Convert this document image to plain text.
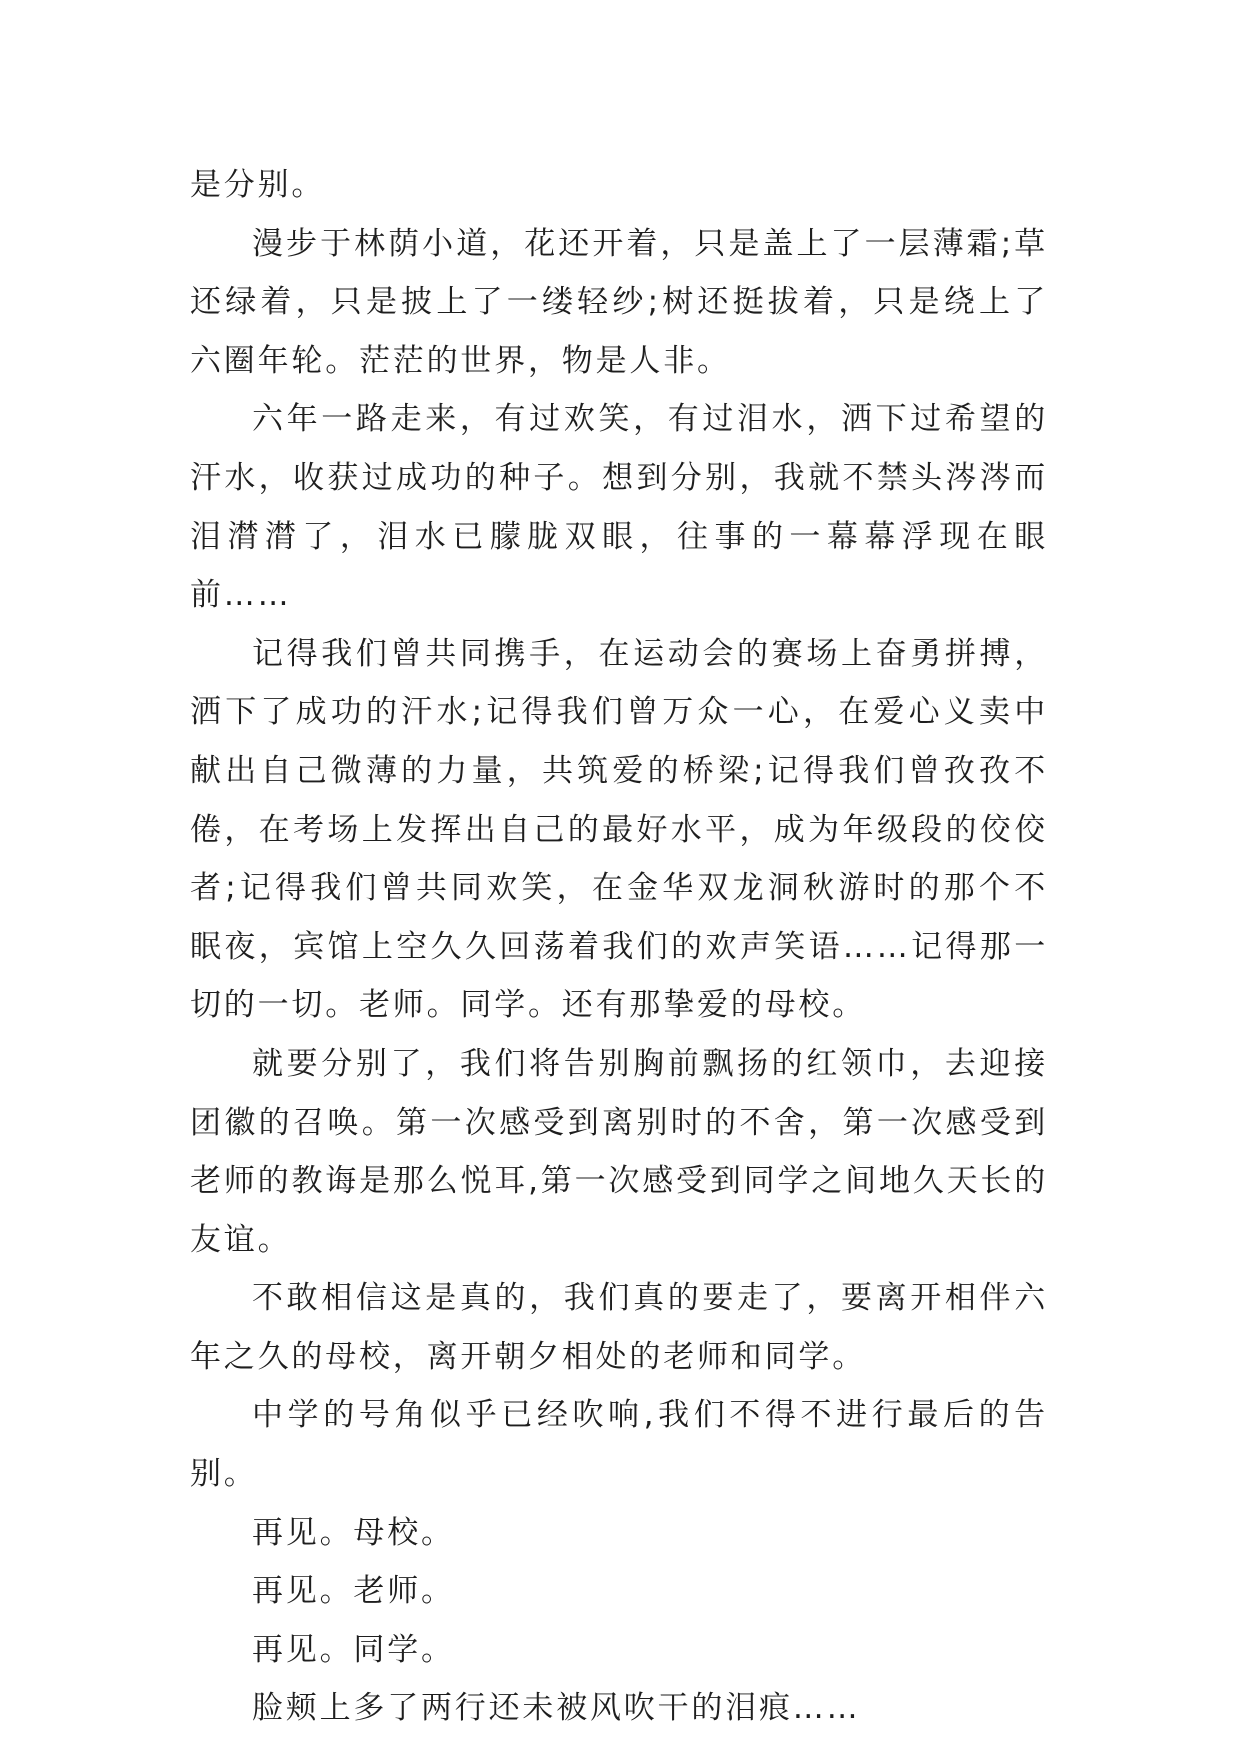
是分别。

漫步于林荫小道，花还开着，只是盖上了一层薄霜;草还绿着，只是披上了一缕轻纱;树还挺拔着，只是绕上了六圈年轮。茫茫的世界，物是人非。

六年一路走来，有过欢笑，有过泪水，洒下过希望的汗水，收获过成功的种子。想到分别，我就不禁头涔涔而泪潸潸了，泪水已朦胧双眼，往事的一幕幕浮现在眼前……

记得我们曾共同携手，在运动会的赛场上奋勇拼搏，洒下了成功的汗水;记得我们曾万众一心，在爱心义卖中献出自己微薄的力量，共筑爱的桥梁;记得我们曾孜孜不倦，在考场上发挥出自己的最好水平，成为年级段的佼佼者;记得我们曾共同欢笑，在金华双龙洞秋游时的那个不眠夜，宾馆上空久久回荡着我们的欢声笑语……记得那一切的一切。老师。同学。还有那挚爱的母校。

就要分别了，我们将告别胸前飘扬的红领巾，去迎接团徽的召唤。第一次感受到离别时的不舍，第一次感受到老师的教诲是那么悦耳,第一次感受到同学之间地久天长的友谊。

不敢相信这是真的，我们真的要走了，要离开相伴六年之久的母校，离开朝夕相处的老师和同学。

中学的号角似乎已经吹响,我们不得不进行最后的告别。

再见。母校。

再见。老师。

再见。同学。

脸颊上多了两行还未被风吹干的泪痕……
